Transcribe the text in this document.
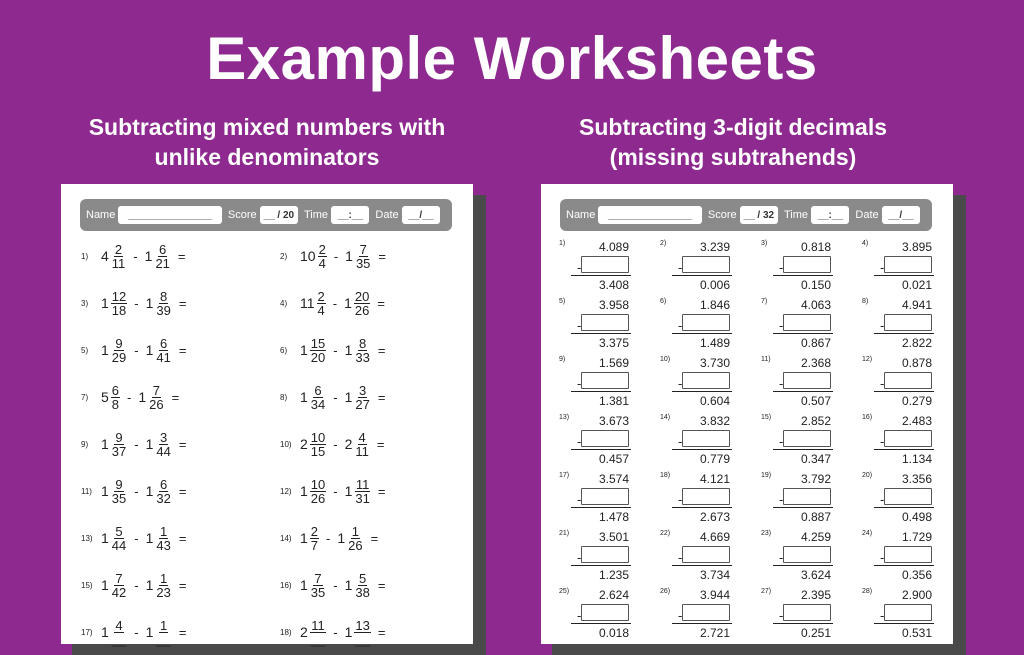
Example Worksheets
Subtracting mixed numbers with
unlike denominators
Subtracting 3-digit decimals
(missing subtrahends)
Name	_______________	Score __ / 20 Time __:__	Date __/__
1) $4 \frac{2}{11} - 1 \frac{6}{21}$ =	2) $10 \frac{2}{4} - 1 \frac{7}{35}$ =
3) $1 \frac{12}{18} - 1 \frac{8}{39}$ =	4) $11 \frac{2}{4} - 1 \frac{20}{26}$ =
5) $1 \frac{9}{29} - 1 \frac{6}{41}$ =	6) $1 \frac{15}{20} - 1 \frac{8}{33}$ =
7) $5 \frac{6}{8} - 1 \frac{7}{26}$ =	8) $1 \frac{6}{34} - 1 \frac{3}{27}$ =
9) $1 \frac{9}{37} - 1 \frac{3}{44}$ =	10) $2 \frac{10}{15} - 2 \frac{4}{11}$ =
11) $1 \frac{9}{35} - 1 \frac{6}{32}$ =	12) $1 \frac{10}{26} - 1 \frac{11}{31}$ =
13) $1 \frac{5}{44} - 1 \frac{1}{43}$ =	14) $1 \frac{2}{7} - 1 \frac{1}{26}$ =
15) $1 \frac{7}{42} - 1 \frac{1}{23}$ =	16) $1 \frac{7}{35} - 1 \frac{5}{38}$ =
17) $1 \frac{4}{\_\_} - 1 \frac{1}{\_\_}$ =	18) $2 \frac{11}{\_\_} - 1 \frac{13}{\_\_}$ =
Name	_______________	Score __ / 32 Time __:__	Date __/__
1)	4.089
-
3.408
2)	3.239
-
0.006
3)	0.818
-
0.150
4)	3.895
-
0.021
5)	3.958
-
3.375
6)	1.846
-
1.489
7)	4.063
-
0.867
8)	4.941
-
2.822
9)	1.569
-
1.381
10) 3.730
-
0.604
11)	2.368
-
0.507
12) 0.878
-
0.279
13) 3.673
-
0.457
14) 3.832
-
0.779
15) 2.852
-
0.347
16) 2.483
-
1.134
17) 3.574
-
1.478
18) 4.121
-
2.673
19) 3.792
-
0.887
20) 3.356
-
0.498
21) 3.501
-
1.235
22) 4.669
-
3.734
23) 4.259
-
3.624
24) 1.729
-
0.356
25) 2.624
-
0.018
26) 3.944
-
2.721
27) 2.395
-
0.251
28) 2.900
-
0.531
